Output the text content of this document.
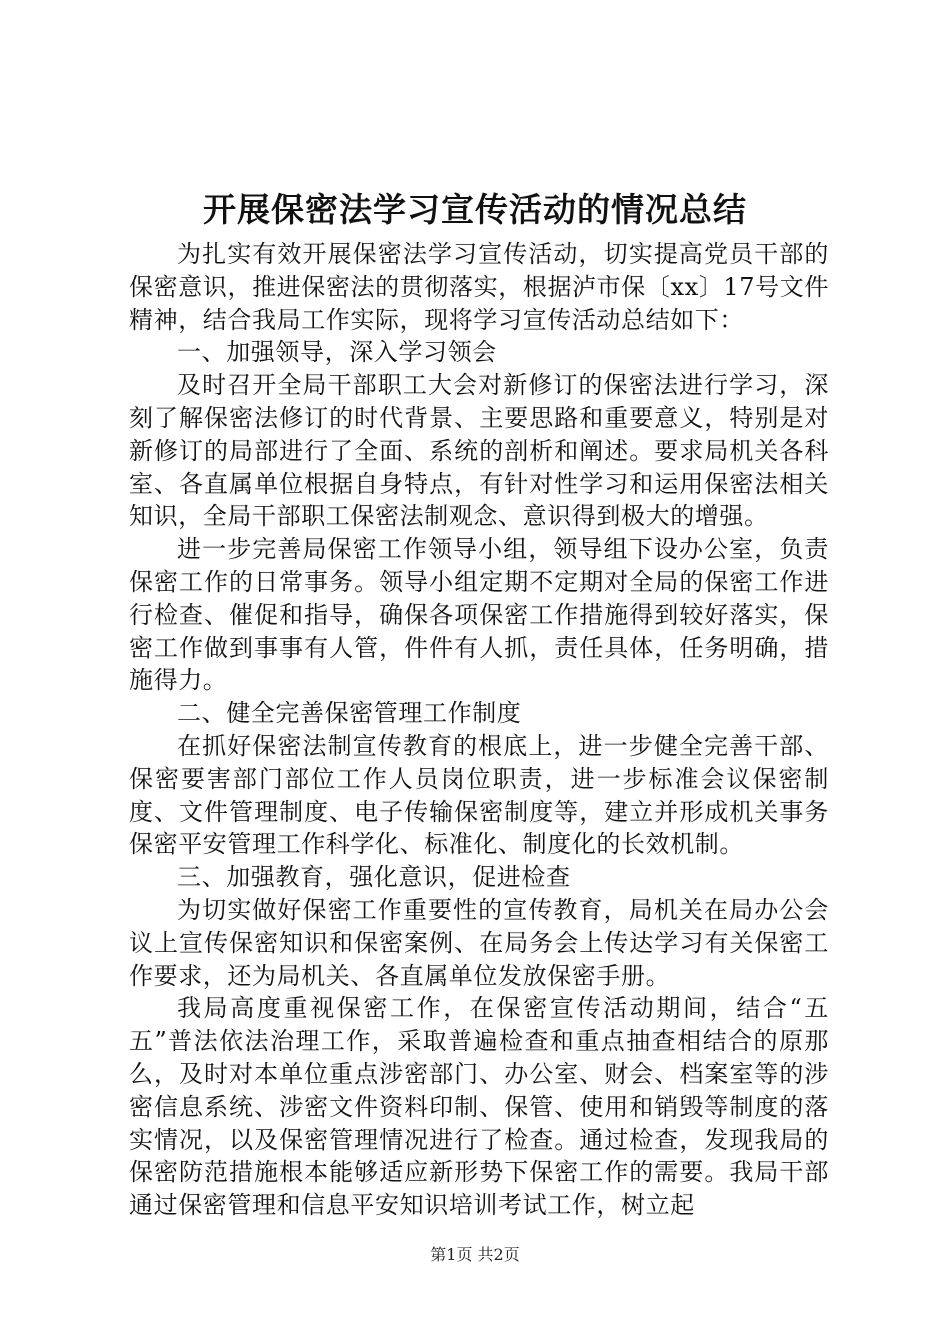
开展保密法学习宣传活动的情况总结

为扎实有效开展保密法学习宣传活动，切实提高党员干部的保密意识，推进保密法的贯彻落实，根据泸市保〔xx〕17号文件精神，结合我局工作实际，现将学习宣传活动总结如下：

一、加强领导，深入学习领会

及时召开全局干部职工大会对新修订的保密法进行学习，深刻了解保密法修订的时代背景、主要思路和重要意义，特别是对新修订的局部进行了全面、系统的剖析和阐述。要求局机关各科室、各直属单位根据自身特点，有针对性学习和运用保密法相关知识，全局干部职工保密法制观念、意识得到极大的增强。

进一步完善局保密工作领导小组，领导组下设办公室，负责保密工作的日常事务。领导小组定期不定期对全局的保密工作进行检查、催促和指导，确保各项保密工作措施得到较好落实，保密工作做到事事有人管，件件有人抓，责任具体，任务明确，措施得力。

二、健全完善保密管理工作制度

在抓好保密法制宣传教育的根底上，进一步健全完善干部、保密要害部门部位工作人员岗位职责，进一步标准会议保密制度、文件管理制度、电子传输保密制度等，建立并形成机关事务保密平安管理工作科学化、标准化、制度化的长效机制。

三、加强教育，强化意识，促进检查

为切实做好保密工作重要性的宣传教育，局机关在局办公会议上宣传保密知识和保密案例、在局务会上传达学习有关保密工作要求，还为局机关、各直属单位发放保密手册。

我局高度重视保密工作，在保密宣传活动期间，结合“五五”普法依法治理工作，采取普遍检查和重点抽查相结合的原那么，及时对本单位重点涉密部门、办公室、财会、档案室等的涉密信息系统、涉密文件资料印制、保管、使用和销毁等制度的落实情况，以及保密管理情况进行了检查。通过检查，发现我局的保密防范措施根本能够适应新形势下保密工作的需要。我局干部通过保密管理和信息平安知识培训考试工作，树立起

第1页 共2页
